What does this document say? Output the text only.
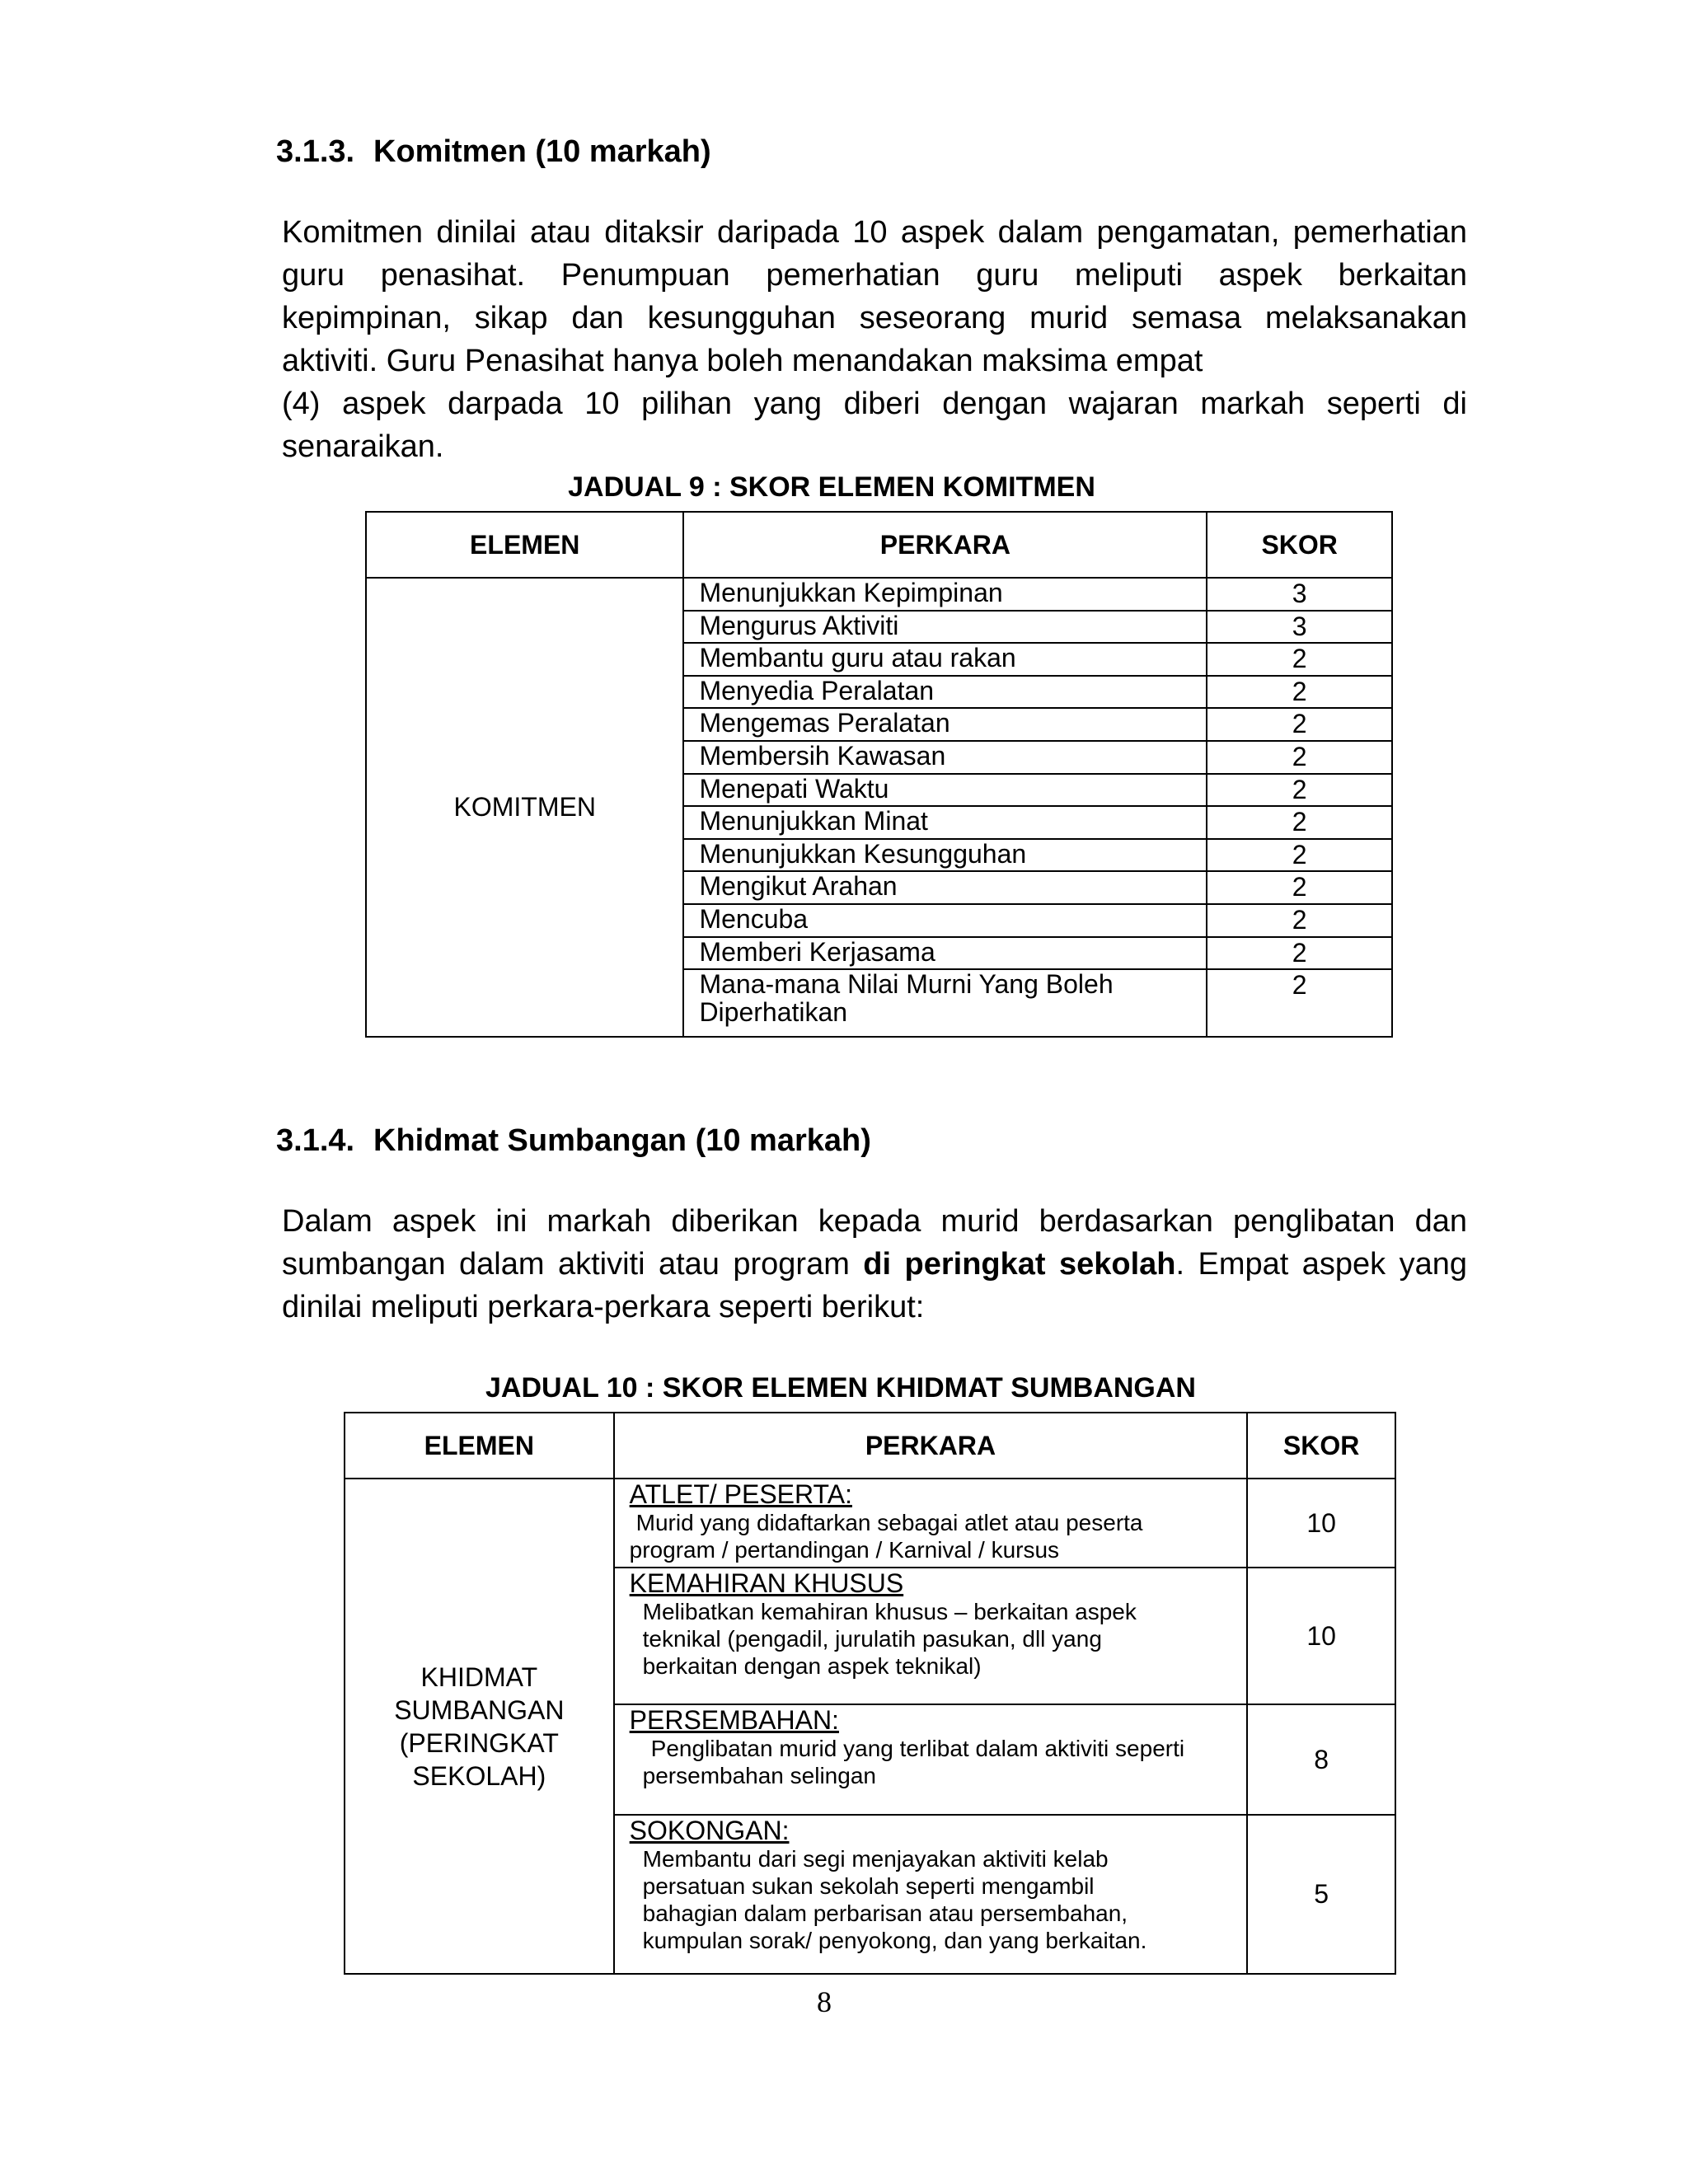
3.1.3. Komitmen (10 markah)
Komitmen dinilai atau ditaksir daripada 10 aspek dalam pengamatan, pemerhatian
guru penasihat. Penumpuan pemerhatian guru meliputi aspek berkaitan
kepimpinan, sikap dan kesungguhan seseorang murid semasa melaksanakan
aktiviti. Guru Penasihat hanya boleh menandakan maksima empat
(4) aspek darpada 10 pilihan yang diberi dengan wajaran markah seperti di
senaraikan.
JADUAL 9 : SKOR ELEMEN KOMITMEN
ELEMEN	PERKARA	SKOR
KOMITMEN	Menunjukkan Kepimpinan	3
	Mengurus Aktiviti	3
	Membantu guru atau rakan	2
	Menyedia Peralatan	2
	Mengemas Peralatan	2
	Membersih Kawasan	2
	Menepati Waktu	2
	Menunjukkan Minat	2
	Menunjukkan Kesungguhan	2
	Mengikut Arahan	2
	Mencuba	2
	Memberi Kerjasama	2

	Mana-mana Nilai Murni Yang Boleh
Diperhatikan	2
3.1.4. Khidmat Sumbangan (10 markah)
Dalam aspek ini markah diberikan kepada murid berdasarkan penglibatan dan
sumbangan dalam aktiviti atau program di peringkat sekolah. Empat aspek yang
dinilai meliputi perkara-perkara seperti berikut:
JADUAL 10 : SKOR ELEMEN KHIDMAT SUMBANGAN
ELEMEN	PERKARA	SKOR

KHIDMAT
SUMBANGAN
(PERINGKAT
SEKOLAH)	ATLET/ PESERTA:
Murid yang didaftarkan sebagai atlet atau peserta
program / pertandingan / Karnival / kursus	10

	KEMAHIRAN KHUSUS
Melibatkan kemahiran khusus – berkaitan aspek
teknikal (pengadil, jurulatih pasukan, dll yang
berkaitan dengan aspek teknikal)	10

	PERSEMBAHAN:
Penglibatan murid yang terlibat dalam aktiviti seperti
persembahan selingan	8

	SOKONGAN:
Membantu dari segi menjayakan aktiviti kelab
persatuan sukan sekolah seperti mengambil
bahagian dalam perbarisan atau persembahan,
kumpulan sorak/ penyokong, dan yang berkaitan.	5
8
